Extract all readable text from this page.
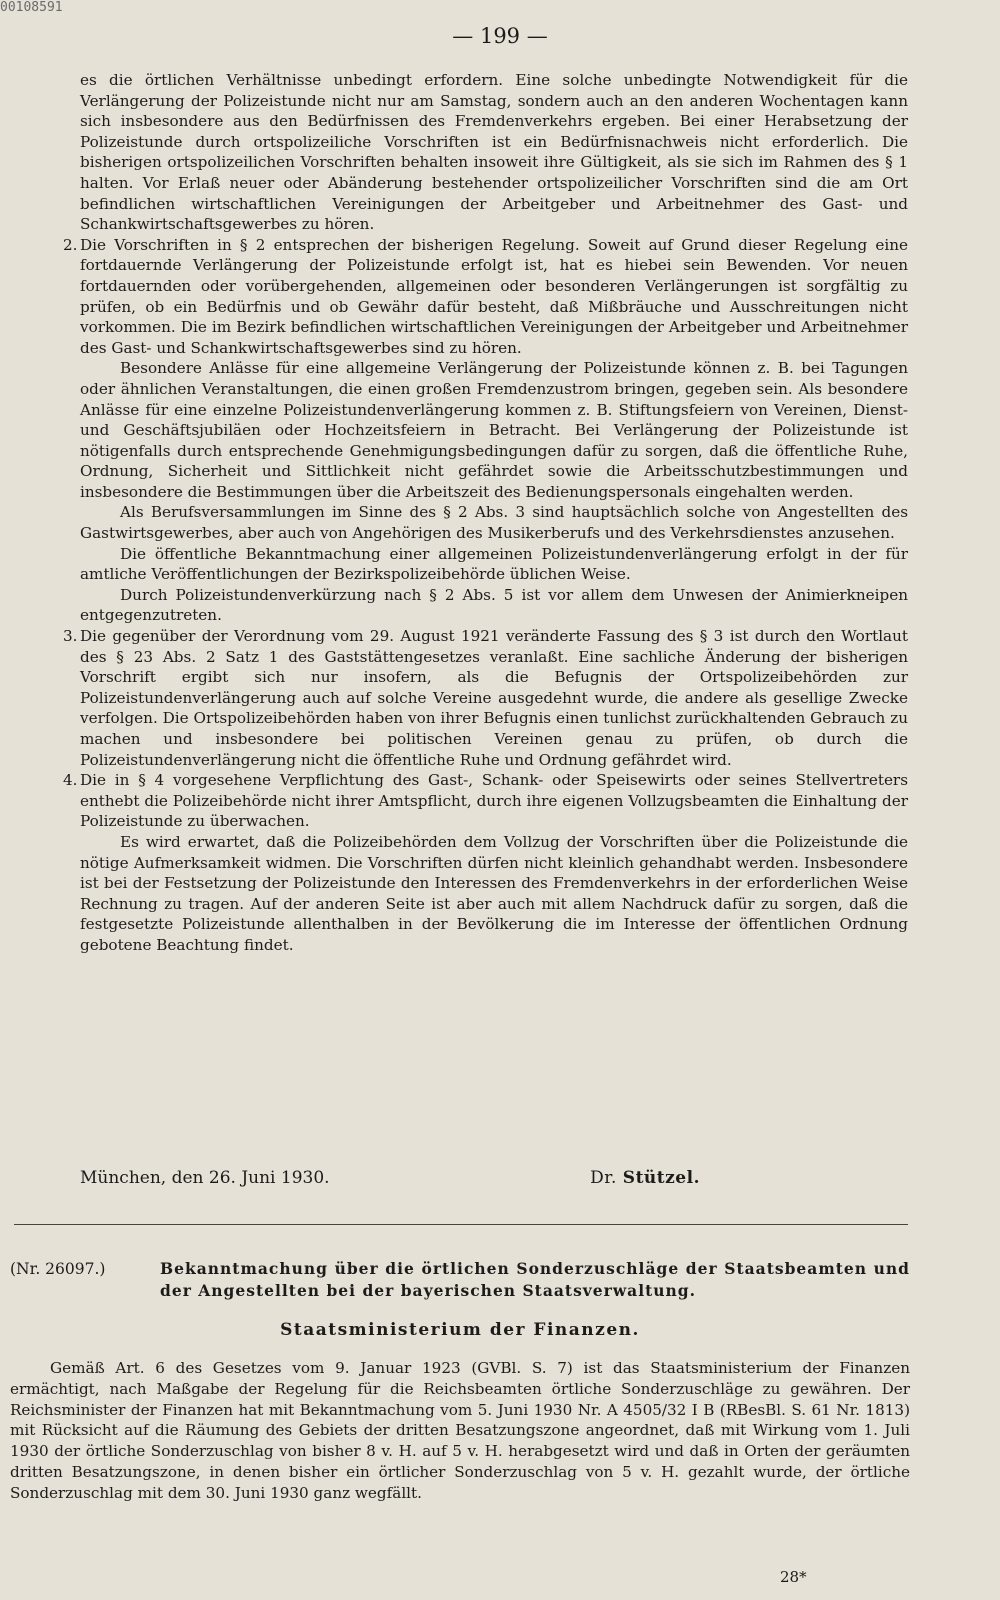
00108591
— 199 —

es die örtlichen Verhältnisse unbedingt erfordern. Eine solche unbedingte Notwendigkeit für die Verlängerung der Polizeistunde nicht nur am Samstag, sondern auch an den anderen Wochentagen kann sich insbesondere aus den Bedürfnissen des Fremdenverkehrs ergeben. Bei einer Herabsetzung der Polizeistunde durch ortspolizeiliche Vorschriften ist ein Bedürfnisnachweis nicht erforderlich. Die bisherigen ortspolizeilichen Vorschriften behalten insoweit ihre Gültigkeit, als sie sich im Rahmen des § 1 halten. Vor Erlaß neuer oder Abänderung bestehender ortspolizeilicher Vorschriften sind die am Ort befindlichen wirtschaftlichen Vereinigungen der Arbeitgeber und Arbeitnehmer des Gast- und Schankwirtschaftsgewerbes zu hören.

2. Die Vorschriften in § 2 entsprechen der bisherigen Regelung. Soweit auf Grund dieser Regelung eine fortdauernde Verlängerung der Polizeistunde erfolgt ist, hat es hiebei sein Bewenden. Vor neuen fortdauernden oder vorübergehenden, allgemeinen oder besonderen Verlängerungen ist sorgfältig zu prüfen, ob ein Bedürfnis und ob Gewähr dafür besteht, daß Mißbräuche und Ausschreitungen nicht vorkommen. Die im Bezirk befindlichen wirtschaftlichen Vereinigungen der Arbeitgeber und Arbeitnehmer des Gast- und Schankwirtschaftsgewerbes sind zu hören.

Besondere Anlässe für eine allgemeine Verlängerung der Polizeistunde können z. B. bei Tagungen oder ähnlichen Veranstaltungen, die einen großen Fremdenzustrom bringen, gegeben sein. Als besondere Anlässe für eine einzelne Polizeistundenverlängerung kommen z. B. Stiftungsfeiern von Vereinen, Dienst- und Geschäftsjubiläen oder Hochzeitsfeiern in Betracht. Bei Verlängerung der Polizeistunde ist nötigenfalls durch entsprechende Genehmigungsbedingungen dafür zu sorgen, daß die öffentliche Ruhe, Ordnung, Sicherheit und Sittlichkeit nicht gefährdet sowie die Arbeitsschutzbestimmungen und insbesondere die Bestimmungen über die Arbeitszeit des Bedienungspersonals eingehalten werden.

Als Berufsversammlungen im Sinne des § 2 Abs. 3 sind hauptsächlich solche von Angestellten des Gastwirtsgewerbes, aber auch von Angehörigen des Musikerberufs und des Verkehrsdienstes anzusehen.

Die öffentliche Bekanntmachung einer allgemeinen Polizeistundenverlängerung erfolgt in der für amtliche Veröffentlichungen der Bezirkspolizeibehörde üblichen Weise.

Durch Polizeistundenverkürzung nach § 2 Abs. 5 ist vor allem dem Unwesen der Animierkneipen entgegenzutreten.

3. Die gegenüber der Verordnung vom 29. August 1921 veränderte Fassung des § 3 ist durch den Wortlaut des § 23 Abs. 2 Satz 1 des Gaststättengesetzes veranlaßt. Eine sachliche Änderung der bisherigen Vorschrift ergibt sich nur insofern, als die Befugnis der Ortspolizeibehörden zur Polizeistundenverlängerung auch auf solche Vereine ausgedehnt wurde, die andere als gesellige Zwecke verfolgen. Die Ortspolizeibehörden haben von ihrer Befugnis einen tunlichst zurückhaltenden Gebrauch zu machen und insbesondere bei politischen Vereinen genau zu prüfen, ob durch die Polizeistundenverlängerung nicht die öffentliche Ruhe und Ordnung gefährdet wird.

4. Die in § 4 vorgesehene Verpflichtung des Gast-, Schank- oder Speisewirts oder seines Stellvertreters enthebt die Polizeibehörde nicht ihrer Amtspflicht, durch ihre eigenen Vollzugsbeamten die Einhaltung der Polizeistunde zu überwachen.

Es wird erwartet, daß die Polizeibehörden dem Vollzug der Vorschriften über die Polizeistunde die nötige Aufmerksamkeit widmen. Die Vorschriften dürfen nicht kleinlich gehandhabt werden. Insbesondere ist bei der Festsetzung der Polizeistunde den Interessen des Fremdenverkehrs in der erforderlichen Weise Rechnung zu tragen. Auf der anderen Seite ist aber auch mit allem Nachdruck dafür zu sorgen, daß die festgesetzte Polizeistunde allenthalben in der Bevölkerung die im Interesse der öffentlichen Ordnung gebotene Beachtung findet.

München, den 26. Juni 1930.	Dr. Stützel.
(Nr. 26097.)	Bekanntmachung über die örtlichen Sonderzuschläge der Staatsbeamten und der Angestellten bei der bayerischen Staatsverwaltung.
Staatsministerium der Finanzen.

Gemäß Art. 6 des Gesetzes vom 9. Januar 1923 (GVBl. S. 7) ist das Staatsministerium der Finanzen ermächtigt, nach Maßgabe der Regelung für die Reichsbeamten örtliche Sonderzuschläge zu gewähren. Der Reichsminister der Finanzen hat mit Bekanntmachung vom 5. Juni 1930 Nr. A 4505/32 I B (RBesBl. S. 61 Nr. 1813) mit Rücksicht auf die Räumung des Gebiets der dritten Besatzungszone angeordnet, daß mit Wirkung vom 1. Juli 1930 der örtliche Sonderzuschlag von bisher 8 v. H. auf 5 v. H. herabgesetzt wird und daß in Orten der geräumten dritten Besatzungszone, in denen bisher ein örtlicher Sonderzuschlag von 5 v. H. gezahlt wurde, der örtliche Sonderzuschlag mit dem 30. Juni 1930 ganz wegfällt.

28*
